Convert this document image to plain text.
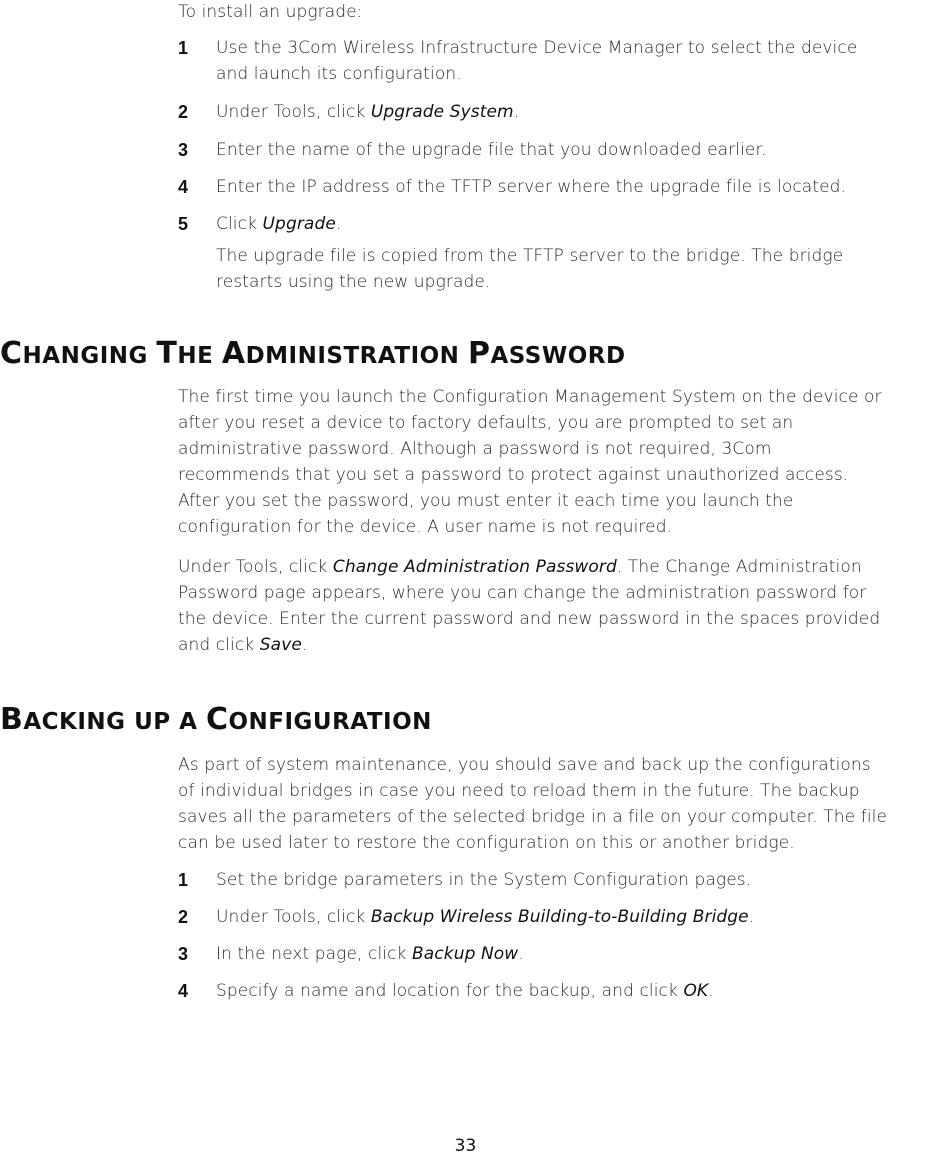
To install an upgrade:
1 Use the 3Com Wireless Infrastructure Device Manager to select the device
and launch its configuration.
2 Under Tools, click Upgrade System.
3 Enter the name of the upgrade file that you downloaded earlier.
4 Enter the IP address of the TFTP server where the upgrade file is located.
5 Click Upgrade.
The upgrade file is copied from the TFTP server to the bridge. The bridge
restarts using the new upgrade.
CHANGING THE ADMINISTRATION PASSWORD
The first time you launch the Configuration Management System on the device or
after you reset a device to factory defaults, you are prompted to set an
administrative password. Although a password is not required, 3Com
recommends that you set a password to protect against unauthorized access.
After you set the password, you must enter it each time you launch the
configuration for the device. A user name is not required.
Under Tools, click Change Administration Password. The Change Administration
Password page appears, where you can change the administration password for
the device. Enter the current password and new password in the spaces provided
and click Save.
BACKING UP A CONFIGURATION
As part of system maintenance, you should save and back up the configurations
of individual bridges in case you need to reload them in the future. The backup
saves all the parameters of the selected bridge in a file on your computer. The file
can be used later to restore the configuration on this or another bridge.
1 Set the bridge parameters in the System Configuration pages.
2 Under Tools, click Backup Wireless Building-to-Building Bridge.
3 In the next page, click Backup Now.
4 Specify a name and location for the backup, and click OK.
33
